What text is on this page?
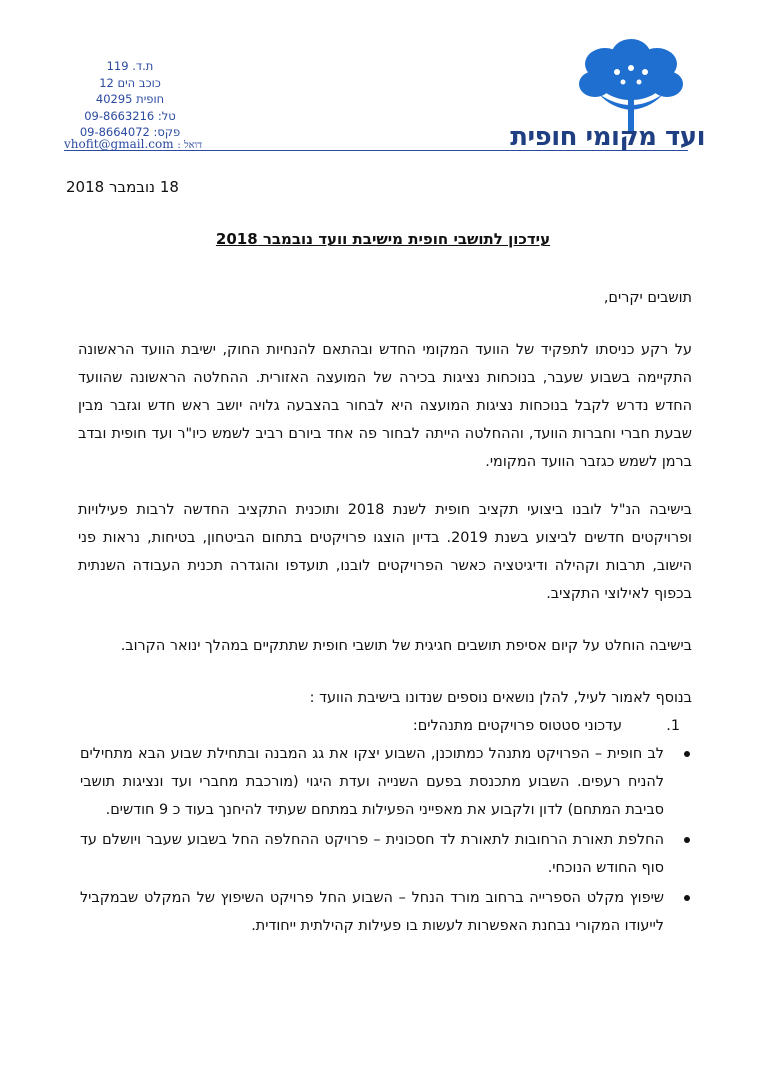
ועד מקומי חופית
ת.ד. 119
כוכב הים 12
חופית 40295
טל: 09-8663216
פקס: 09-8664072
vhofit@gmail.com דואל :
18 נובמבר 2018
עידכון לתושבי חופית מישיבת וועד נובמבר 2018
תושבים יקרים,
על רקע כניסתו לתפקיד של הוועד המקומי החדש ובהתאם להנחיות החוק, ישיבת הוועד הראשונה התקיימה בשבוע שעבר, בנוכחות נציגות בכירה של המועצה האזורית. ההחלטה הראשונה שהוועד החדש נדרש לקבל בנוכחות נציגות המועצה היא לבחור בהצבעה גלויה יושב ראש חדש וגזבר מבין שבעת חברי וחברות הוועד, וההחלטה הייתה לבחור פה אחד ביורם רביב לשמש כיו"ר ועד חופית ובדב ברמן לשמש כגזבר הוועד המקומי.
בישיבה הנ"ל לובנו ביצועי תקציב חופית לשנת 2018 ותוכנית התקציב החדשה לרבות פעילויות ופרויקטים חדשים לביצוע בשנת 2019. בדיון הוצגו פרויקטים בתחום הביטחון, בטיחות, נראות פני הישוב, תרבות וקהילה ודיגיטציה כאשר הפרויקטים לובנו, תועדפו והוגדרה תכנית העבודה השנתית בכפוף לאילוצי התקציב.
בישיבה הוחלט על קיום אסיפת תושבים חגיגית של תושבי חופית שתתקיים במהלך ינואר הקרוב.
בנוסף לאמור לעיל, להלן נושאים נוספים שנדונו בישיבת הוועד :
1.
עדכוני סטטוס פרויקטים מתנהלים:
לב חופית – הפרויקט מתנהל כמתוכנן, השבוע יצקו את גג המבנה ובתחילת שבוע הבא מתחילים להניח רעפים. השבוע מתכנסת בפעם השנייה ועדת היגוי (מורכבת מחברי ועד ונציגות תושבי סביבת המתחם) לדון ולקבוע את מאפייני הפעילות במתחם שעתיד להיחנך בעוד כ 9 חודשים.
החלפת תאורת הרחובות לתאורת לד חסכונית – פרויקט ההחלפה החל בשבוע שעבר ויושלם עד סוף החודש הנוכחי.
שיפוץ מקלט הספרייה ברחוב מורד הנחל – השבוע החל פרויקט השיפוץ של המקלט שבמקביל לייעודו המקורי נבחנת האפשרות לעשות בו פעילות קהילתית ייחודית.
